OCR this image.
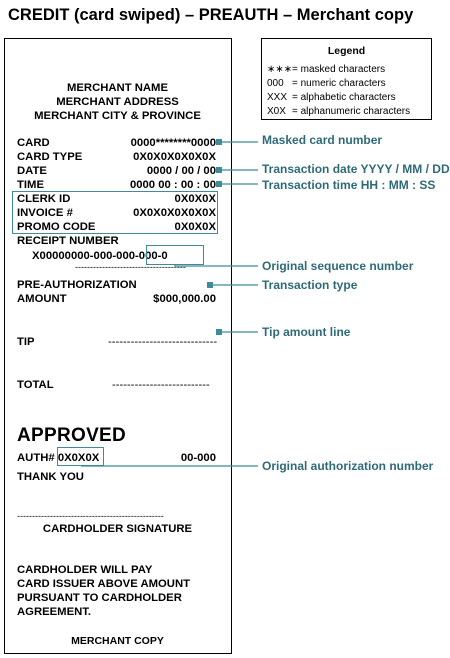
CREDIT (card swiped) – PREAUTH – Merchant copy
MERCHANT NAME
MERCHANT ADDRESS
MERCHANT CITY & PROVINCE
CARD	0000********0000
CARD TYPE	0X0X0X0X0X0X
DATE	0000 / 00 / 00
TIME	0000 00 : 00 : 00
CLERK ID	0X0X0X
INVOICE #	0X0X0X0X0X0X
PROMO CODE	0X0X0X
RECEIPT NUMBER
X00000000-000-000-000-0
-------------------------------------
PRE-AUTHORIZATION
AMOUNT	$000,000.00
TIP	-----------------------------
TOTAL	--------------------------
AUTH# 0X0X0X	00-000
THANK YOU
-------------------------------------------------
CARDHOLDER SIGNATURE
CARDHOLDER WILL PAY
CARD ISSUER ABOVE AMOUNT
PURSUANT TO CARDHOLDER
AGREEMENT.
MERCHANT COPY
APPROVED
Legend
∗∗∗ = masked characters
000 = numeric characters
XXX = alphabetic characters
X0X = alphanumeric characters
Masked card number
Transaction date YYYY / MM / DD
Transaction time HH : MM : SS
Original sequence number
Transaction type
Tip amount line
Original authorization number
